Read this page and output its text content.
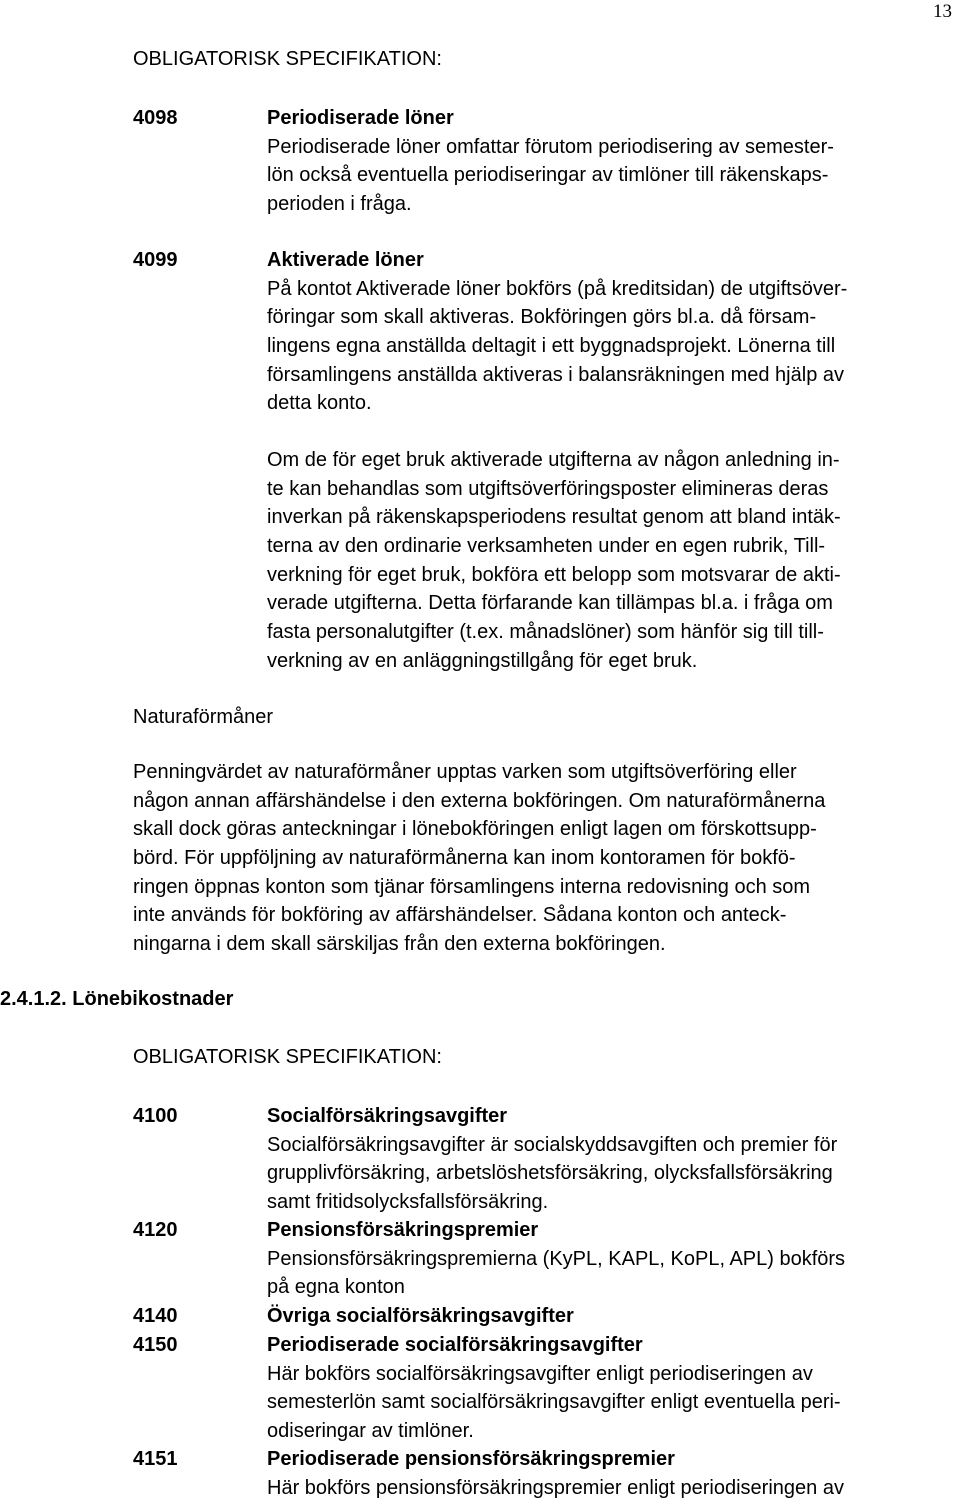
13
OBLIGATORISK SPECIFIKATION:
4098	Periodiserade löner
Periodiserade löner omfattar förutom periodisering av semester-
lön också eventuella periodiseringar av timlöner till räkenskaps-
perioden i fråga.
4099	Aktiverade löner
På kontot Aktiverade löner bokförs (på kreditsidan) de utgiftsöver-
föringar som skall aktiveras. Bokföringen görs bl.a. då försam-
lingens egna anställda deltagit i ett byggnadsprojekt. Lönerna till
församlingens anställda aktiveras i balansräkningen med hjälp av
detta konto.
Om de för eget bruk aktiverade utgifterna av någon anledning in-
te kan behandlas som utgiftsöverföringsposter elimineras deras
inverkan på räkenskapsperiodens resultat genom att bland intäk-
terna av den ordinarie verksamheten under en egen rubrik, Till-
verkning för eget bruk, bokföra ett belopp som motsvarar de akti-
verade utgifterna. Detta förfarande kan tillämpas bl.a. i fråga om
fasta personalutgifter (t.ex. månadslöner) som hänför sig till till-
verkning av en anläggningstillgång för eget bruk.
Naturaförmåner
Penningvärdet av naturaförmåner upptas varken som utgiftsöverföring eller
någon annan affärshändelse i den externa bokföringen. Om naturaförmånerna
skall dock göras anteckningar i lönebokföringen enligt lagen om förskottsupp-
börd. För uppföljning av naturaförmånerna kan inom kontoramen för bokfö-
ringen öppnas konton som tjänar församlingens interna redovisning och som
inte används för bokföring av affärshändelser. Sådana konton och anteck-
ningarna i dem skall särskiljas från den externa bokföringen.
2.4.1.2. Lönebikostnader
OBLIGATORISK SPECIFIKATION:
4100	Socialförsäkringsavgifter
Socialförsäkringsavgifter är socialskyddsavgiften och premier för
grupplivförsäkring, arbetslöshetsförsäkring, olycksfallsförsäkring
samt fritidsolycksfallsförsäkring.
4120	Pensionsförsäkringspremier
Pensionsförsäkringspremierna (KyPL, KAPL, KoPL, APL) bokförs
på egna konton
4140	Övriga socialförsäkringsavgifter
4150	Periodiserade socialförsäkringsavgifter
Här bokförs socialförsäkringsavgifter enligt periodiseringen av
semesterlön samt socialförsäkringsavgifter enligt eventuella peri-
odiseringar av timlöner.
4151	Periodiserade pensionsförsäkringspremier
Här bokförs pensionsförsäkringspremier enligt periodiseringen av
